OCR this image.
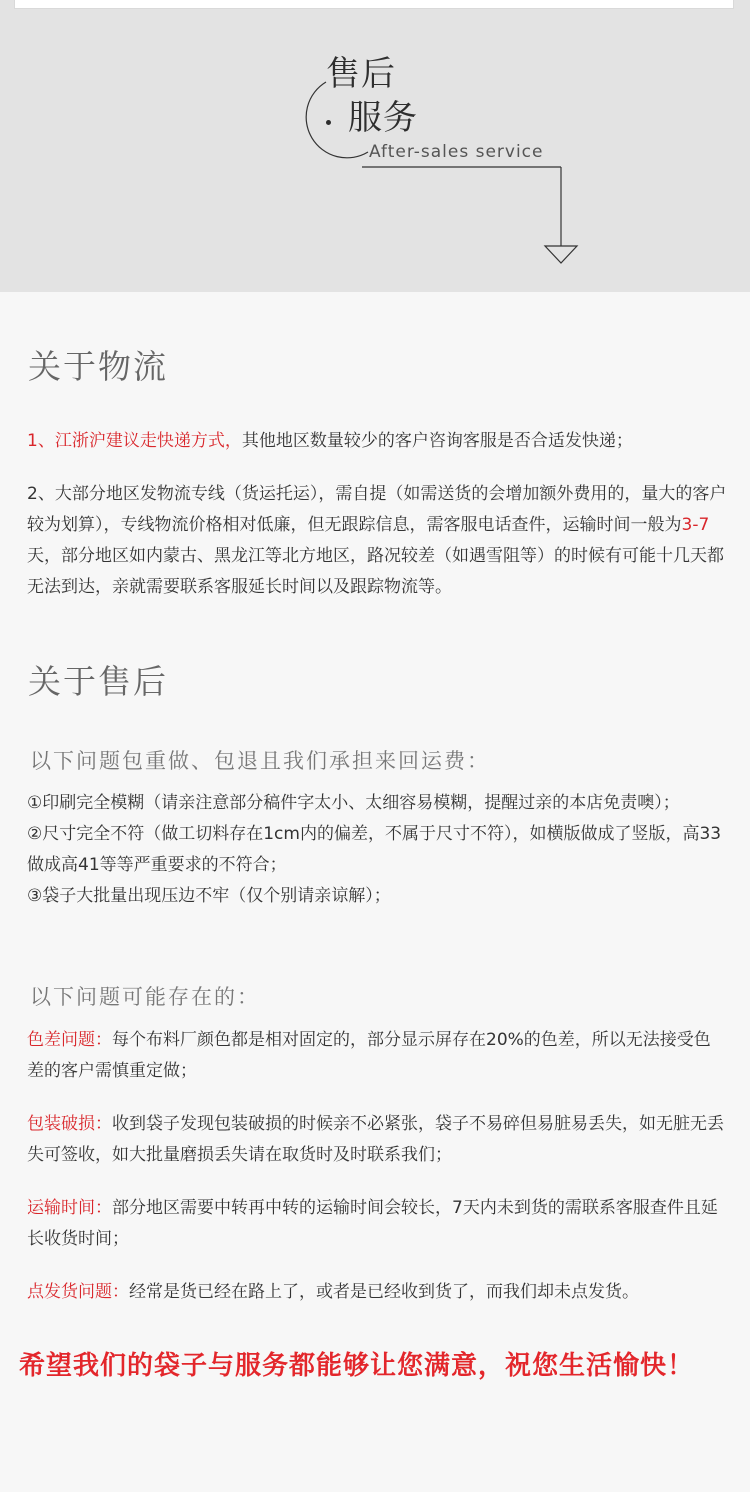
售后
服务
After-sales service
关于物流
1、江浙沪建议走快递方式，其他地区数量较少的客户咨询客服是否合适发快递；
2、大部分地区发物流专线（货运托运），需自提（如需送货的会增加额外费用的，量大的客户较为划算），专线物流价格相对低廉，但无跟踪信息，需客服电话查件，运输时间一般为3-7天，部分地区如内蒙古、黑龙江等北方地区，路况较差（如遇雪阻等）的时候有可能十几天都无法到达，亲就需要联系客服延长时间以及跟踪物流等。
关于售后
以下问题包重做、包退且我们承担来回运费：
①印刷完全模糊（请亲注意部分稿件字太小、太细容易模糊，提醒过亲的本店免责噢）；
②尺寸完全不符（做工切料存在1cm内的偏差，不属于尺寸不符），如横版做成了竖版，高33做成高41等等严重要求的不符合；
③袋子大批量出现压边不牢（仅个别请亲谅解）；
以下问题可能存在的：
色差问题：每个布料厂颜色都是相对固定的，部分显示屏存在20%的色差，所以无法接受色差的客户需慎重定做；
包装破损：收到袋子发现包装破损的时候亲不必紧张，袋子不易碎但易脏易丢失，如无脏无丢失可签收，如大批量磨损丢失请在取货时及时联系我们；
运输时间：部分地区需要中转再中转的运输时间会较长，7天内未到货的需联系客服查件且延长收货时间；
点发货问题：经常是货已经在路上了，或者是已经收到货了，而我们却未点发货。
希望我们的袋子与服务都能够让您满意，祝您生活愉快！
